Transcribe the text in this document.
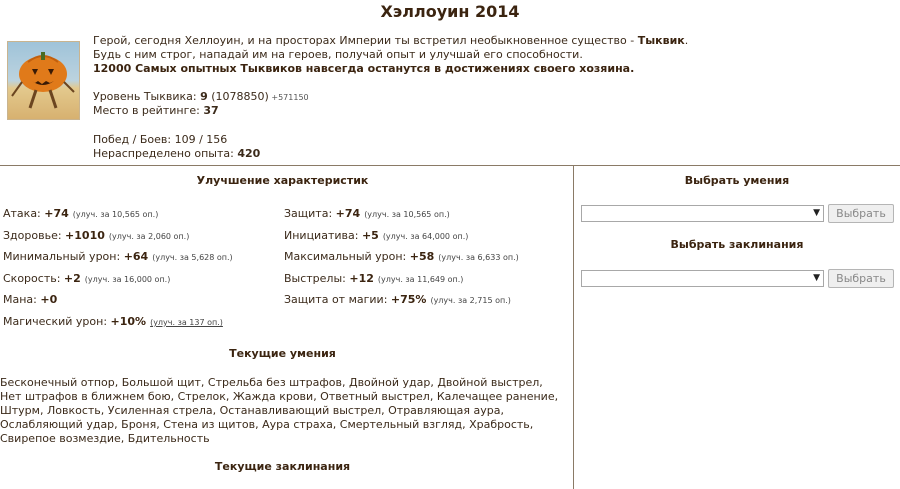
Хэллоуин 2014
Герой, сегодня Хеллоуин, и на просторах Империи ты встретил необыкновенное существо - Тыквик.
Будь с ним строг, нападай им на героев, получай опыт и улучшай его способности.
12000 Самых опытных Тыквиков навсегда останутся в достижениях своего хозяина.
Уровень Тыквика: 9 (1078850) +571150
Место в рейтинге: 37
Побед / Боев: 109 / 156
Нераспределено опыта: 420
Улучшение характеристик
Атака: +74 (улуч. за 10,565 оп.)
Здоровье: +1010 (улуч. за 2,060 оп.)
Минимальный урон: +64 (улуч. за 5,628 оп.)
Скорость: +2 (улуч. за 16,000 оп.)
Мана: +0
Магический урон: +10% (улуч. за 137 оп.)
Защита: +74 (улуч. за 10,565 оп.)
Инициатива: +5 (улуч. за 64,000 оп.)
Максимальный урон: +58 (улуч. за 6,633 оп.)
Выстрелы: +12 (улуч. за 11,649 оп.)
Защита от магии: +75% (улуч. за 2,715 оп.)
Текущие умения
Бесконечный отпор, Большой щит, Стрельба без штрафов, Двойной удар, Двойной выстрел, Нет штрафов в ближнем бою, Стрелок, Жажда крови, Ответный выстрел, Калечащее ранение, Штурм, Ловкость, Усиленная стрела, Останавливающий выстрел, Отравляющая аура, Ослабляющий удар, Броня, Стена из щитов, Аура страха, Смертельный взгляд, Храбрость, Свирепое возмездие, Бдительность
Текущие заклинания
Выбрать умения
▼	Выбрать
Выбрать заклинания
▼	Выбрать
